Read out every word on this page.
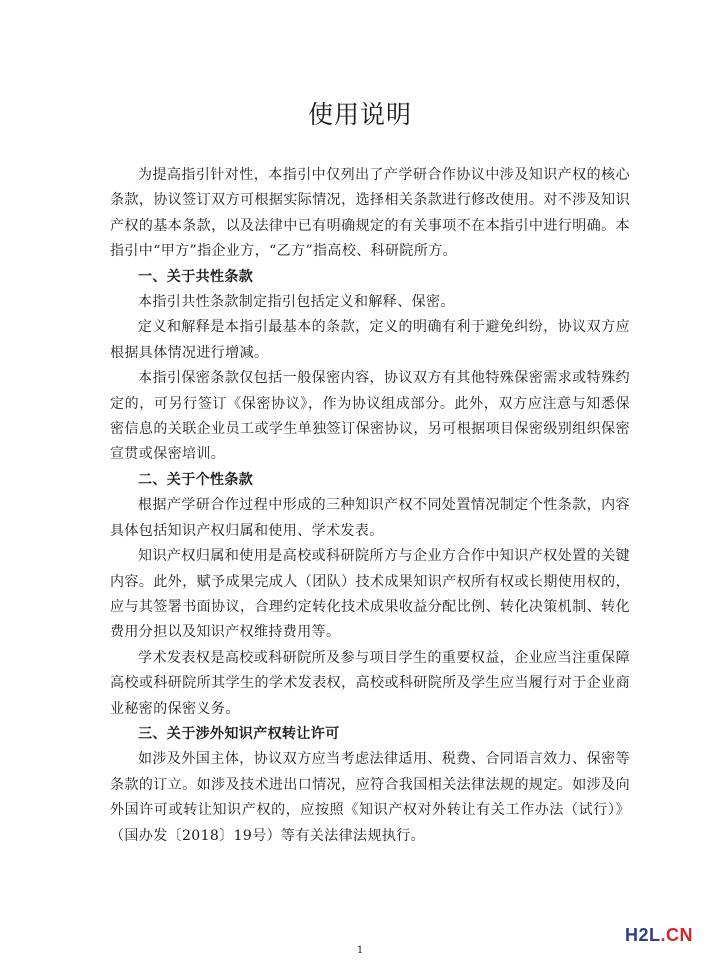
使用说明

为提高指引针对性，本指引中仅列出了产学研合作协议中涉及知识产权的核心条款，协议签订双方可根据实际情况，选择相关条款进行修改使用。对不涉及知识产权的基本条款，以及法律中已有明确规定的有关事项不在本指引中进行明确。本指引中“甲方”指企业方，“乙方”指高校、科研院所方。

一、关于共性条款

本指引共性条款制定指引包括定义和解释、保密。

定义和解释是本指引最基本的条款，定义的明确有利于避免纠纷，协议双方应根据具体情况进行增减。

本指引保密条款仅包括一般保密内容，协议双方有其他特殊保密需求或特殊约定的，可另行签订《保密协议》，作为协议组成部分。此外，双方应注意与知悉保密信息的关联企业员工或学生单独签订保密协议，另可根据项目保密级别组织保密宣贯或保密培训。

二、关于个性条款

根据产学研合作过程中形成的三种知识产权不同处置情况制定个性条款，内容具体包括知识产权归属和使用、学术发表。

知识产权归属和使用是高校或科研院所方与企业方合作中知识产权处置的关键内容。此外，赋予成果完成人（团队）技术成果知识产权所有权或长期使用权的，应与其签署书面协议，合理约定转化技术成果收益分配比例、转化决策机制、转化费用分担以及知识产权维持费用等。

学术发表权是高校或科研院所及参与项目学生的重要权益，企业应当注重保障高校或科研院所其学生的学术发表权，高校或科研院所及学生应当履行对于企业商业秘密的保密义务。

三、关于涉外知识产权转让许可

如涉及外国主体，协议双方应当考虑法律适用、税费、合同语言效力、保密等条款的订立。如涉及技术进出口情况，应符合我国相关法律法规的规定。如涉及向外国许可或转让知识产权的，应按照《知识产权对外转让有关工作办法（试行）》（国办发〔2018〕19号）等有关法律法规执行。

1
H2L.CN
